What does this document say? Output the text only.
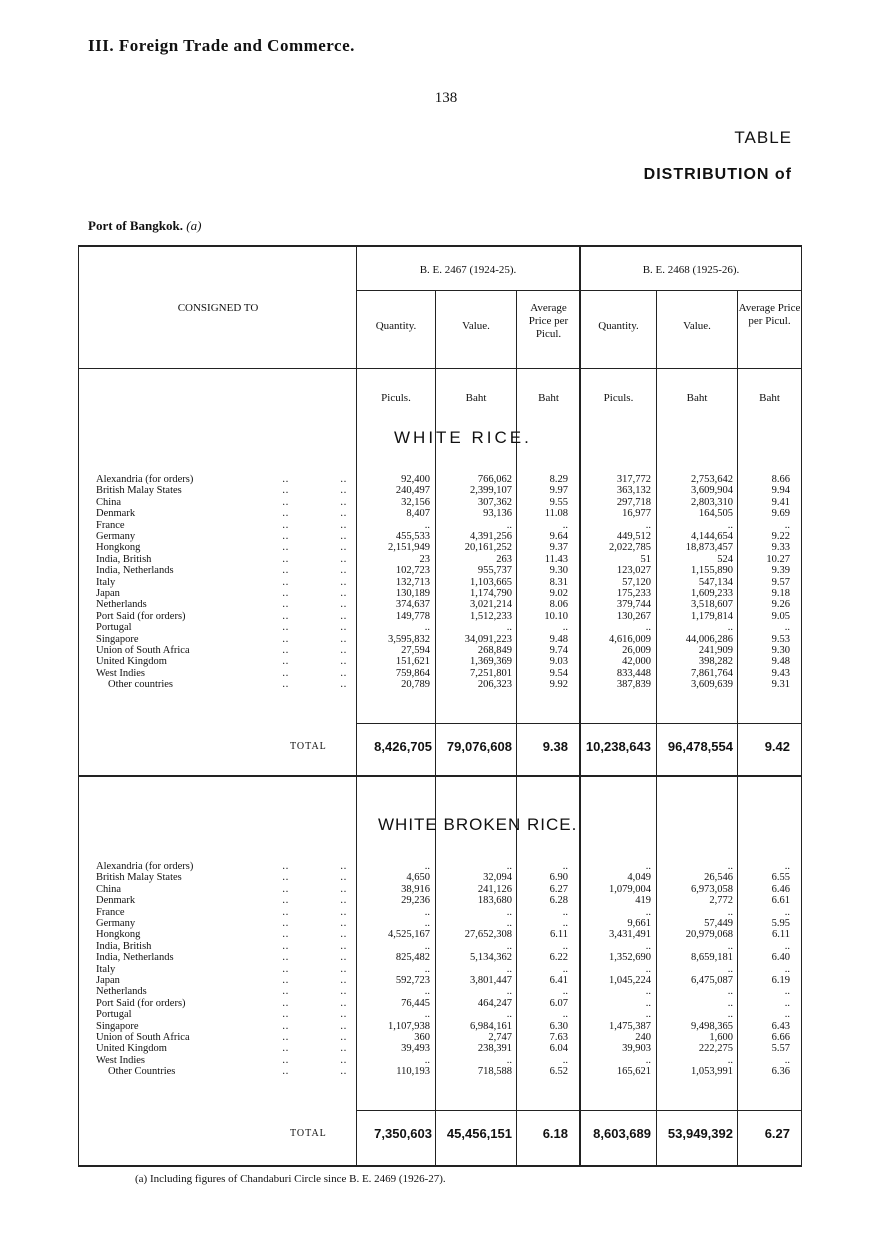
III. Foreign Trade and Commerce.
138
TABLE
DISTRIBUTION of
Port of Bangkok. (a)
CONSIGNED TO
B. E. 2467 (1924-25).	B. E. 2468 (1925-26).
Quantity.	Value.
Average Price per Picul.
Quantity.	Value.
Average Price per Picul.
Piculs.	Baht	Baht	Piculs.	Baht	Baht
WHITE RICE.
WHITE BROKEN RICE.
Alexandria (for orders)	‥	‥	92,400	766,062	8.29	317,772	2,753,642	8.66
British Malay States	‥	‥	240,497	2,399,107	9.97	363,132	3,609,904	9.94
China	‥	‥	32,156	307,362	9.55	297,718	2,803,310	9.41
Denmark	‥	‥	8,407	93,136	11.08	16,977	164,505	9.69
France	‥	‥	..	..	..	..	..	..
Germany	‥	‥	455,533	4,391,256	9.64	449,512	4,144,654	9.22
Hongkong	‥	‥	2,151,949	20,161,252	9.37	2,022,785	18,873,457	9.33
India, British	‥	‥	23	263	11.43	51	524	10.27
India, Netherlands	‥	‥	102,723	955,737	9.30	123,027	1,155,890	9.39
Italy	‥	‥	132,713	1,103,665	8.31	57,120	547,134	9.57
Japan	‥	‥	130,189	1,174,790	9.02	175,233	1,609,233	9.18
Netherlands	‥	‥	374,637	3,021,214	8.06	379,744	3,518,607	9.26
Port Said (for orders)	‥	‥	149,778	1,512,233	10.10	130,267	1,179,814	9.05
Portugal	‥	‥	..	..	..	..	..	..
Singapore	‥	‥	3,595,832	34,091,223	9.48	4,616,009	44,006,286	9.53
Union of South Africa	‥	‥	27,594	268,849	9.74	26,009	241,909	9.30
United Kingdom	‥	‥	151,621	1,369,369	9.03	42,000	398,282	9.48
West Indies	‥	‥	759,864	7,251,801	9.54	833,448	7,861,764	9.43
Other countries	‥	‥	20,789	206,323	9.92	387,839	3,609,639	9.31
Alexandria (for orders)	‥	‥	..	..	..	..	..	..
British Malay States	‥	‥	4,650	32,094	6.90	4,049	26,546	6.55
China	‥	‥	38,916	241,126	6.27	1,079,004	6,973,058	6.46
Denmark	‥	‥	29,236	183,680	6.28	419	2,772	6.61
France	‥	‥	..	..	..	..	..	..
Germany	‥	‥	..	..	..	9,661	57,449	5.95
Hongkong	‥	‥	4,525,167	27,652,308	6.11	3,431,491	20,979,068	6.11
India, British	‥	‥	..	..	..	..	..	..
India, Netherlands	‥	‥	825,482	5,134,362	6.22	1,352,690	8,659,181	6.40
Italy	‥	‥	..	..	..	..	..	..
Japan	‥	‥	592,723	3,801,447	6.41	1,045,224	6,475,087	6.19
Netherlands	‥	‥	..	..	..	..	..	..
Port Said (for orders)	‥	‥	76,445	464,247	6.07	..	..	..
Portugal	‥	‥	..	..	..	..	..	..
Singapore	‥	‥	1,107,938	6,984,161	6.30	1,475,387	9,498,365	6.43
Union of South Africa	‥	‥	360	2,747	7.63	240	1,600	6.66
United Kingdom	‥	‥	39,493	238,391	6.04	39,903	222,275	5.57
West Indies	‥	‥	..	..	..	..	..	..
Other Countries	‥	‥	110,193	718,588	6.52	165,621	1,053,991	6.36
TOTAL
TOTAL
8,426,705	79,076,608	9.38	10,238,643	96,478,554	9.42
7,350,603	45,456,151	6.18	8,603,689	53,949,392	6.27
(a) Including figures of Chandaburi Circle since B. E. 2469 (1926-27).
